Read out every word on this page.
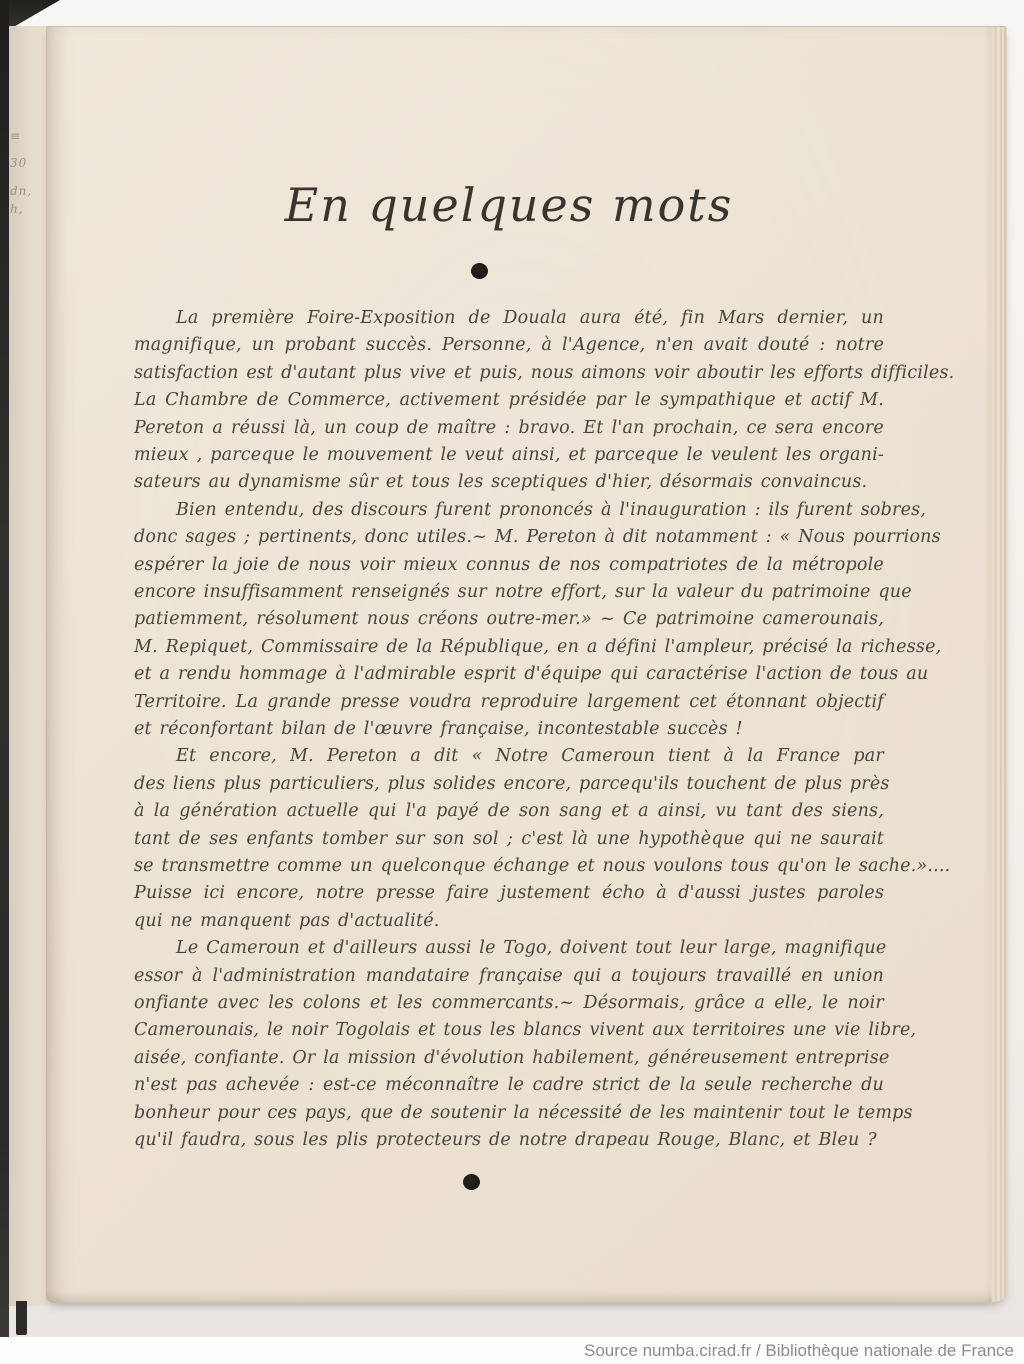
≡
30
dn,
h,	En quelques mots
La première Foire-Exposition de Douala aura été, fin Mars dernier, un
magnifique, un probant succès. Personne, à l'Agence, n'en avait douté : notre
satisfaction est d'autant plus vive et puis, nous aimons voir aboutir les efforts difficiles.
La Chambre de Commerce, activement présidée par le sympathique et actif M.
Pereton a réussi là, un coup de maître : bravo. Et l'an prochain, ce sera encore
mieux , parceque le mouvement le veut ainsi, et parceque le veulent les organi-
sateurs au dynamisme sûr et tous les sceptiques d'hier, désormais convaincus.
Bien entendu, des discours furent prononcés à l'inauguration : ils furent sobres,
donc sages ; pertinents, donc utiles.~ M. Pereton à dit notamment : « Nous pourrions
espérer la joie de nous voir mieux connus de nos compatriotes de la métropole
encore insuffisamment renseignés sur notre effort, sur la valeur du patrimoine que
patiemment, résolument nous créons outre-mer.» ~ Ce patrimoine camerounais,
M. Repiquet, Commissaire de la République, en a défini l'ampleur, précisé la richesse,
et a rendu hommage à l'admirable esprit d'équipe qui caractérise l'action de tous au
Territoire. La grande presse voudra reproduire largement cet étonnant objectif
et réconfortant bilan de l'œuvre française, incontestable succès !
Et encore, M. Pereton a dit « Notre Cameroun tient à la France par
des liens plus particuliers, plus solides encore, parcequ'ils touchent de plus près
à la génération actuelle qui l'a payé de son sang et a ainsi, vu tant des siens,
tant de ses enfants tomber sur son sol ; c'est là une hypothèque qui ne saurait
se transmettre comme un quelconque échange et nous voulons tous qu'on le sache.»....
Puisse ici encore, notre presse faire justement écho à d'aussi justes paroles
qui ne manquent pas d'actualité.
Le Cameroun et d'ailleurs aussi le Togo, doivent tout leur large, magnifique
essor à l'administration mandataire française qui a toujours travaillé en union
onfiante avec les colons et les commercants.~ Désormais, grâce a elle, le noir
Camerounais, le noir Togolais et tous les blancs vivent aux territoires une vie libre,
aisée, confiante. Or la mission d'évolution habilement, généreusement entreprise
n'est pas achevée : est-ce méconnaître le cadre strict de la seule recherche du
bonheur pour ces pays, que de soutenir la nécessité de les maintenir tout le temps
qu'il faudra, sous les plis protecteurs de notre drapeau Rouge, Blanc, et Bleu ?
Source numba.cirad.fr / Bibliothèque nationale de France
